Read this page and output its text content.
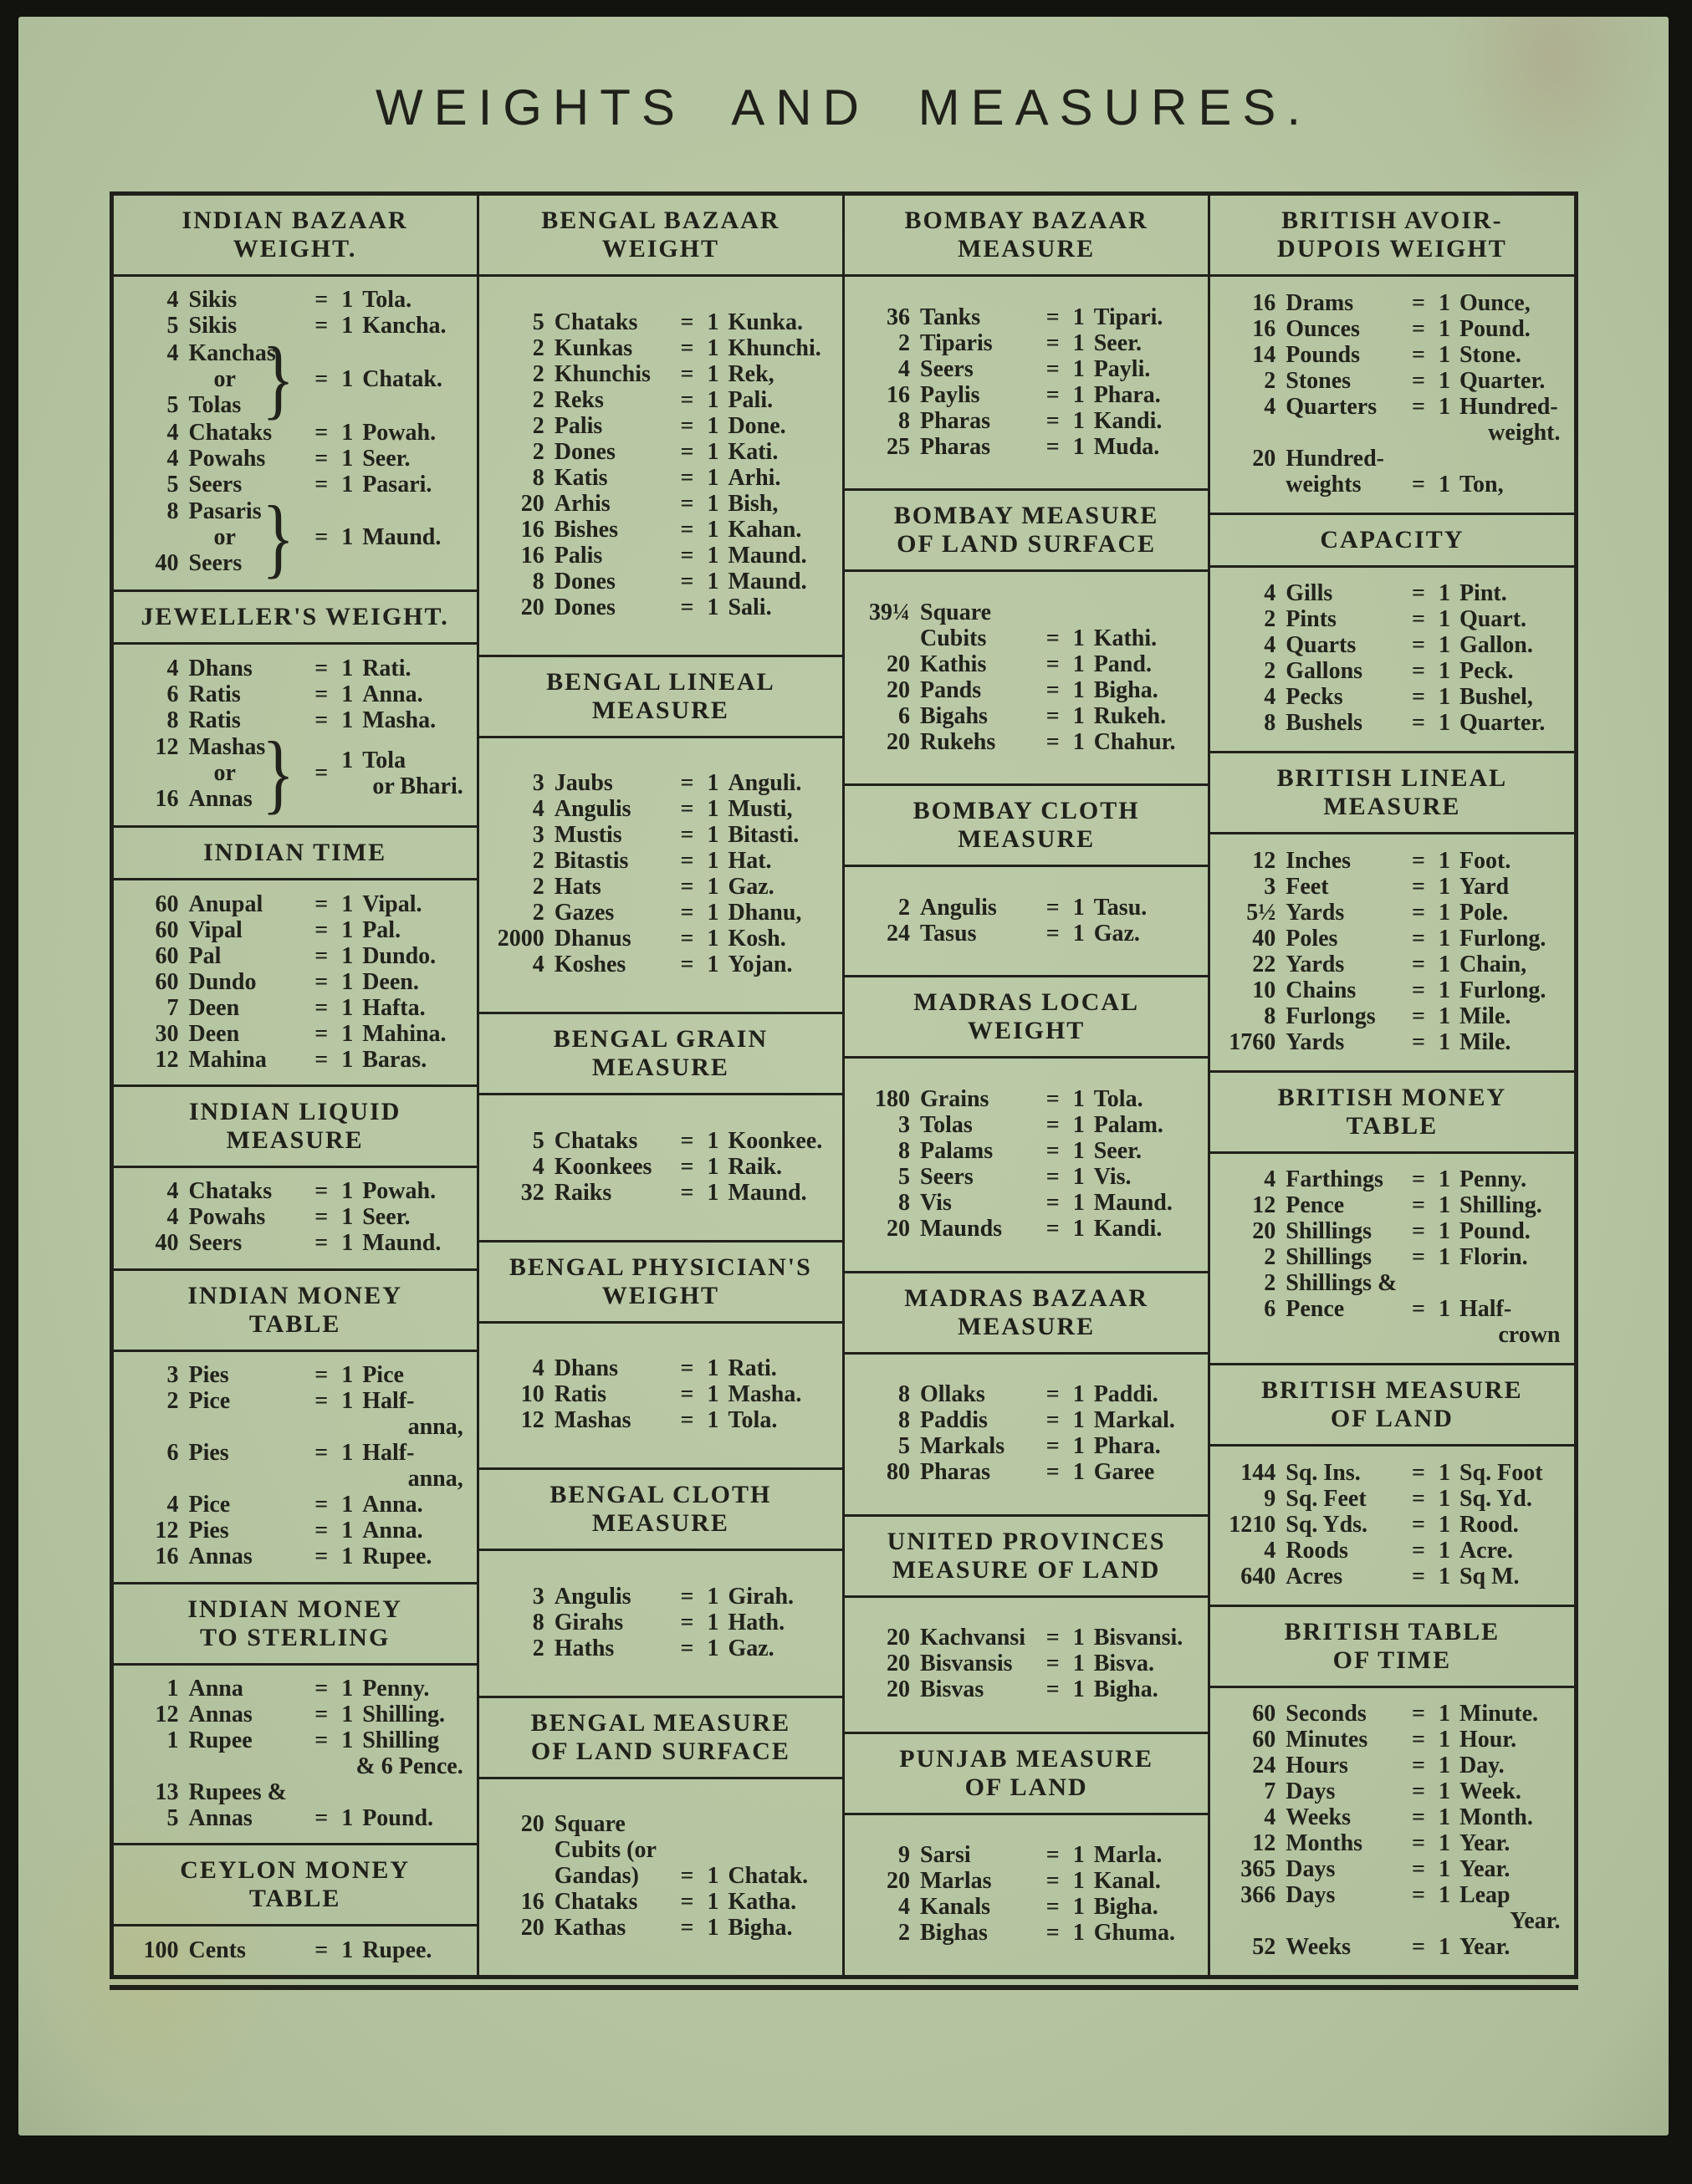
WEIGHTS AND MEASURES.
INDIAN BAZAAR
WEIGHT.
4 Sikis	= 1 Tola.
5 Sikis	= 1 Kancha.
4 Kanchas
or
5 Tolas } = 1 Chatak.
4 Chataks	= 1 Powah.
4 Powahs	= 1 Seer.
5 Seers	= 1 Pasari.
8 Pasaris
or
40 Seers } = 1 Maund.
JEWELLER'S WEIGHT.
4 Dhans	= 1 Rati.
6 Ratis	= 1 Anna.
8 Ratis	= 1 Masha.
12 Mashas
or
16 Annas } = 1 Tola
or Bhari.
INDIAN TIME
60 Anupal	= 1 Vipal.
60 Vipal	= 1 Pal.
60 Pal	= 1 Dundo.
60 Dundo	= 1 Deen.
7 Deen	= 1 Hafta.
30 Deen	= 1 Mahina.
12 Mahina	= 1 Baras.
INDIAN LIQUID
MEASURE
4 Chataks	= 1 Powah.
4 Powahs	= 1 Seer.
40 Seers	= 1 Maund.
INDIAN MONEY
TABLE
3 Pies	= 1 Pice
2 Pice	= 1 Half-
anna,
6 Pies	= 1 Half-
anna,
4 Pice	= 1 Anna.
12 Pies	= 1 Anna.
16 Annas	= 1 Rupee.
INDIAN MONEY
TO STERLING
1 Anna	= 1 Penny.
12 Annas	= 1 Shilling.
1 Rupee	= 1 Shilling
& 6 Pence.
13 Rupees &
5 Annas	= 1 Pound.
CEYLON MONEY
TABLE
100 Cents	= 1 Rupee.
BENGAL BAZAAR
WEIGHT
5 Chataks	= 1 Kunka.
2 Kunkas	= 1 Khunchi.
2 Khunchis	= 1 Rek,
2 Reks	= 1 Pali.
2 Palis	= 1 Done.
2 Dones	= 1 Kati.
8 Katis	= 1 Arhi.
20 Arhis	= 1 Bish,
16 Bishes	= 1 Kahan.
16 Palis	= 1 Maund.
8 Dones	= 1 Maund.
20 Dones	= 1 Sali.
BENGAL LINEAL
MEASURE
3 Jaubs	= 1 Anguli.
4 Angulis	= 1 Musti,
3 Mustis	= 1 Bitasti.
2 Bitastis	= 1 Hat.
2 Hats	= 1 Gaz.
2 Gazes	= 1 Dhanu,
2000 Dhanus	= 1 Kosh.
4 Koshes	= 1 Yojan.
BENGAL GRAIN
MEASURE
5 Chataks	= 1 Koonkee.
4 Koonkees	= 1 Raik.
32 Raiks	= 1 Maund.
BENGAL PHYSICIAN'S
WEIGHT
4 Dhans	= 1 Rati.
10 Ratis	= 1 Masha.
12 Mashas	= 1 Tola.
BENGAL CLOTH
MEASURE
3 Angulis	= 1 Girah.
8 Girahs	= 1 Hath.
2 Haths	= 1 Gaz.
BENGAL MEASURE
OF LAND SURFACE
20 Square
Cubits (or
Gandas)	= 1 Chatak.
16 Chataks	= 1 Katha.
20 Kathas	= 1 Bigha.
BOMBAY BAZAAR
MEASURE
36 Tanks	= 1 Tipari.
2 Tiparis	= 1 Seer.
4 Seers	= 1 Payli.
16 Paylis	= 1 Phara.
8 Pharas	= 1 Kandi.
25 Pharas	= 1 Muda.
BOMBAY MEASURE
OF LAND SURFACE
39¼ Square
Cubits	= 1 Kathi.
20 Kathis	= 1 Pand.
20 Pands	= 1 Bigha.
6 Bigahs	= 1 Rukeh.
20 Rukehs	= 1 Chahur.
BOMBAY CLOTH
MEASURE
2 Angulis	= 1 Tasu.
24 Tasus	= 1 Gaz.
MADRAS LOCAL
WEIGHT
180 Grains	= 1 Tola.
3 Tolas	= 1 Palam.
8 Palams	= 1 Seer.
5 Seers	= 1 Vis.
8 Vis	= 1 Maund.
20 Maunds	= 1 Kandi.
MADRAS BAZAAR
MEASURE
8 Ollaks	= 1 Paddi.
8 Paddis	= 1 Markal.
5 Markals	= 1 Phara.
80 Pharas	= 1 Garee
UNITED PROVINCES
MEASURE OF LAND
20 Kachvansi = 1 Bisvansi.
20 Bisvansis	= 1 Bisva.
20 Bisvas	= 1 Bigha.
PUNJAB MEASURE
OF LAND
9 Sarsi	= 1 Marla.
20 Marlas	= 1 Kanal.
4 Kanals	= 1 Bigha.
2 Bighas	= 1 Ghuma.
BRITISH AVOIR-
DUPOIS WEIGHT
16 Drams	= 1 Ounce,
16 Ounces	= 1 Pound.
14 Pounds	= 1 Stone.
2 Stones	= 1 Quarter.
4 Quarters	= 1 Hundred-
weight.
20 Hundred-
weights	= 1 Ton,
CAPACITY
4 Gills	= 1 Pint.
2 Pints	= 1 Quart.
4 Quarts	= 1 Gallon.
2 Gallons	= 1 Peck.
4 Pecks	= 1 Bushel,
8 Bushels	= 1 Quarter.
BRITISH LINEAL
MEASURE
12 Inches	= 1 Foot.
3 Feet	= 1 Yard
5½ Yards	= 1 Pole.
40 Poles	= 1 Furlong.
22 Yards	= 1 Chain,
10 Chains	= 1 Furlong.
8 Furlongs	= 1 Mile.
1760 Yards	= 1 Mile.
BRITISH MONEY
TABLE
4 Farthings	= 1 Penny.
12 Pence	= 1 Shilling.
20 Shillings	= 1 Pound.
2 Shillings	= 1 Florin.
2 Shillings &
6 Pence	= 1 Half-
crown
BRITISH MEASURE
OF LAND
144 Sq. Ins.	= 1 Sq. Foot
9 Sq. Feet	= 1 Sq. Yd.
1210 Sq. Yds.	= 1 Rood.
4 Roods	= 1 Acre.
640 Acres	= 1 Sq M.
BRITISH TABLE
OF TIME
60 Seconds	= 1 Minute.
60 Minutes	= 1 Hour.
24 Hours	= 1 Day.
7 Days	= 1 Week.
4 Weeks	= 1 Month.
12 Months	= 1 Year.
365 Days	= 1 Year.
366 Days	= 1 Leap
Year.
52 Weeks	= 1 Year.
